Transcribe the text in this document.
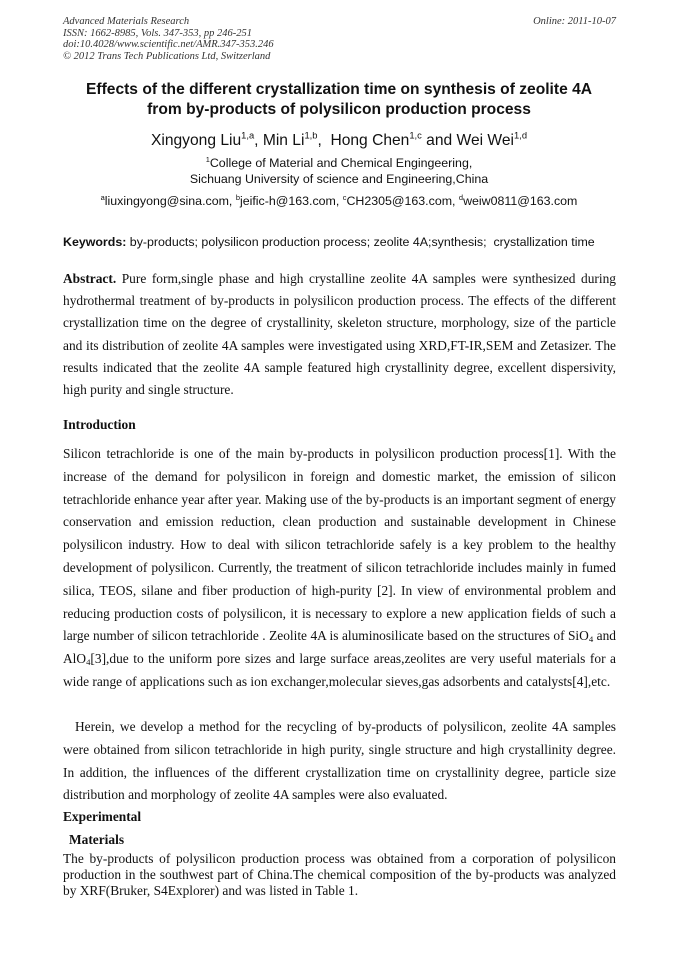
Advanced Materials Research
ISSN: 1662-8985, Vols. 347-353, pp 246-251
doi:10.4028/www.scientific.net/AMR.347-353.246
© 2012 Trans Tech Publications Ltd, Switzerland
Online: 2011-10-07
Effects of the different crystallization time on synthesis of zeolite 4A
from by-products of polysilicon production process
Xingyong Liu$^{1,a}$, Min Li$^{1,b}$,  Hong Chen$^{1,c}$ and Wei Wei$^{1,d}$
$^1$College of Material and Chemical Engingeering,
Sichuang University of science and Engineering,China
$^a$liuxingyong@sina.com, $^b$jeific-h@163.com, $^c$CH2305@163.com, $^d$weiw0811@163.com
Keywords: by-products; polysilicon production process; zeolite 4A;synthesis;  crystallization time

Abstract. Pure form,single phase and high crystalline zeolite 4A samples were synthesized during hydrothermal treatment of by-products in polysilicon production process. The effects of the different crystallization time on the degree of crystallinity, skeleton structure, morphology, size of the particle and its distribution of zeolite 4A samples were investigated using XRD,FT-IR,SEM and Zetasizer. The results indicated that the zeolite 4A sample featured high crystallinity degree, excellent dispersivity, high purity and single structure.

Introduction

Silicon tetrachloride is one of the main by-products in polysilicon production process[1]. With the increase of the demand for polysilicon in foreign and domestic market, the emission of silicon tetrachloride enhance year after year. Making use of the by-products is an important segment of energy conservation and emission reduction, clean production and sustainable development in Chinese polysilicon industry. How to deal with silicon tetrachloride safely is a key problem to the healthy development of polysilicon. Currently, the treatment of silicon tetrachloride includes mainly in fumed silica, TEOS, silane and fiber production of high-purity [2]. In view of environmental problem and reducing production costs of polysilicon, it is necessary to explore a new application fields of such a large number of silicon tetrachloride . Zeolite 4A is aluminosilicate based on the structures of SiO$_4$ and AlO$_4$[3],due to the uniform pore sizes and large surface areas,zeolites are very useful materials for a wide range of applications such as ion exchanger,molecular sieves,gas adsorbents and catalysts[4],etc.

Herein, we develop a method for the recycling of by-products of polysilicon, zeolite 4A samples were obtained from silicon tetrachloride in high purity, single structure and high crystallinity degree. In addition, the influences of the different crystallization time on crystallinity degree, particle size distribution and morphology of zeolite 4A samples were also evaluated.

Experimental
Materials

The by-products of polysilicon production process was obtained from a corporation of polysilicon production in the southwest part of China.The chemical composition of the by-products was analyzed by XRF(Bruker, S4Explorer) and was listed in Table 1.
